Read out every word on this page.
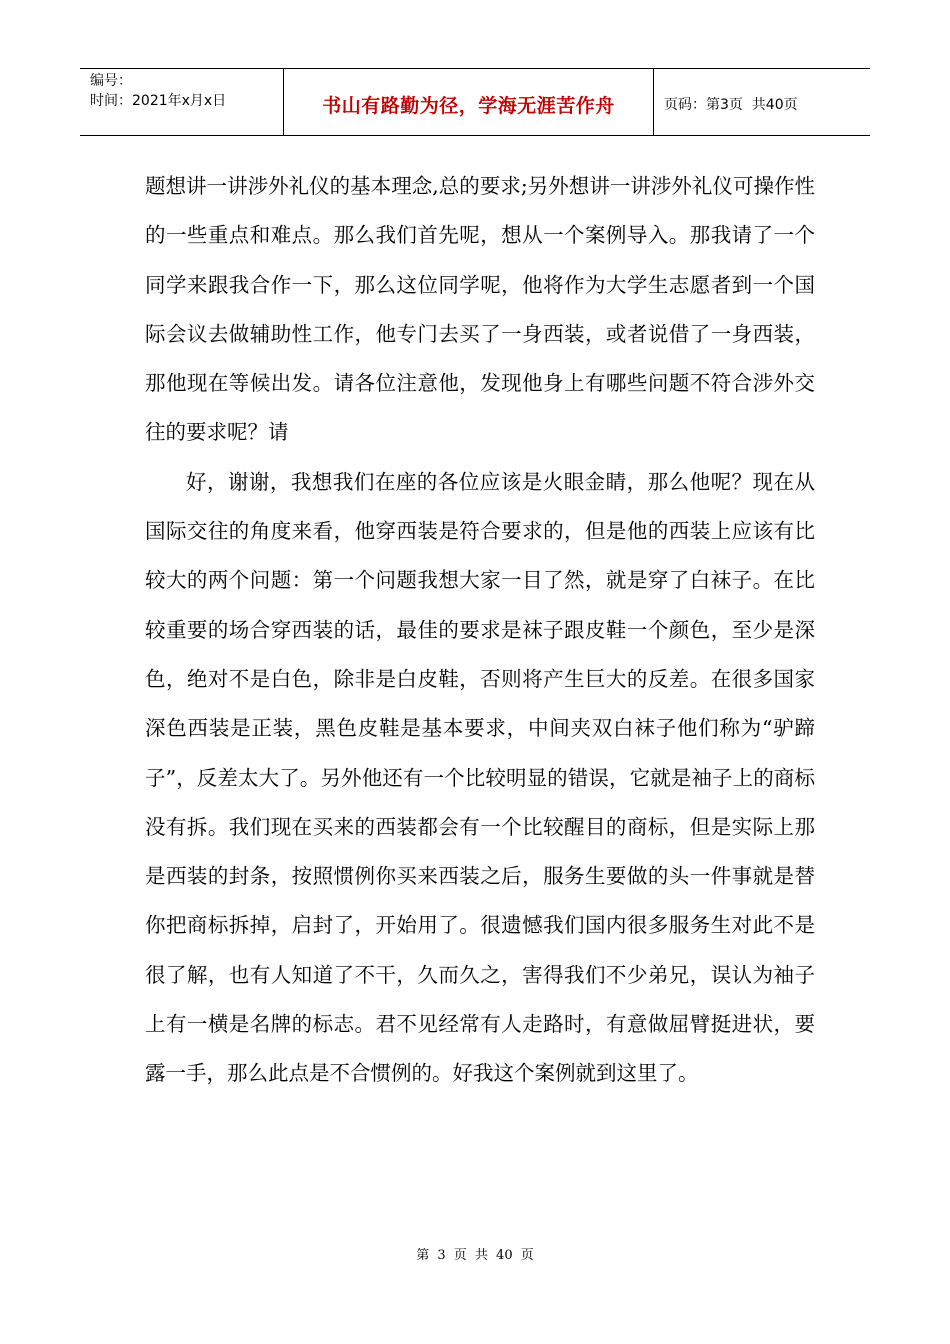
编号：
时间：2021年x月x日	书山有路勤为径，学海无涯苦作舟	页码：第3页  共40页

题想讲一讲涉外礼仪的基本理念,总的要求;另外想讲一讲涉外礼仪可操作性的一些重点和难点。那么我们首先呢，想从一个案例导入。那我请了一个同学来跟我合作一下，那么这位同学呢，他将作为大学生志愿者到一个国际会议去做辅助性工作，他专门去买了一身西装，或者说借了一身西装，那他现在等候出发。请各位注意他，发现他身上有哪些问题不符合涉外交往的要求呢？请

好，谢谢，我想我们在座的各位应该是火眼金睛，那么他呢？现在从国际交往的角度来看，他穿西装是符合要求的，但是他的西装上应该有比较大的两个问题：第一个问题我想大家一目了然，就是穿了白袜子。在比较重要的场合穿西装的话，最佳的要求是袜子跟皮鞋一个颜色，至少是深色，绝对不是白色，除非是白皮鞋，否则将产生巨大的反差。在很多国家深色西装是正装，黑色皮鞋是基本要求，中间夹双白袜子他们称为“驴蹄子”，反差太大了。另外他还有一个比较明显的错误，它就是袖子上的商标没有拆。我们现在买来的西装都会有一个比较醒目的商标，但是实际上那是西装的封条，按照惯例你买来西装之后，服务生要做的头一件事就是替你把商标拆掉，启封了，开始用了。很遗憾我们国内很多服务生对此不是很了解，也有人知道了不干，久而久之，害得我们不少弟兄，误认为袖子上有一横是名牌的标志。君不见经常有人走路时，有意做屈臂挺进状，要露一手，那么此点是不合惯例的。好我这个案例就到这里了。

第 3 页 共 40 页
